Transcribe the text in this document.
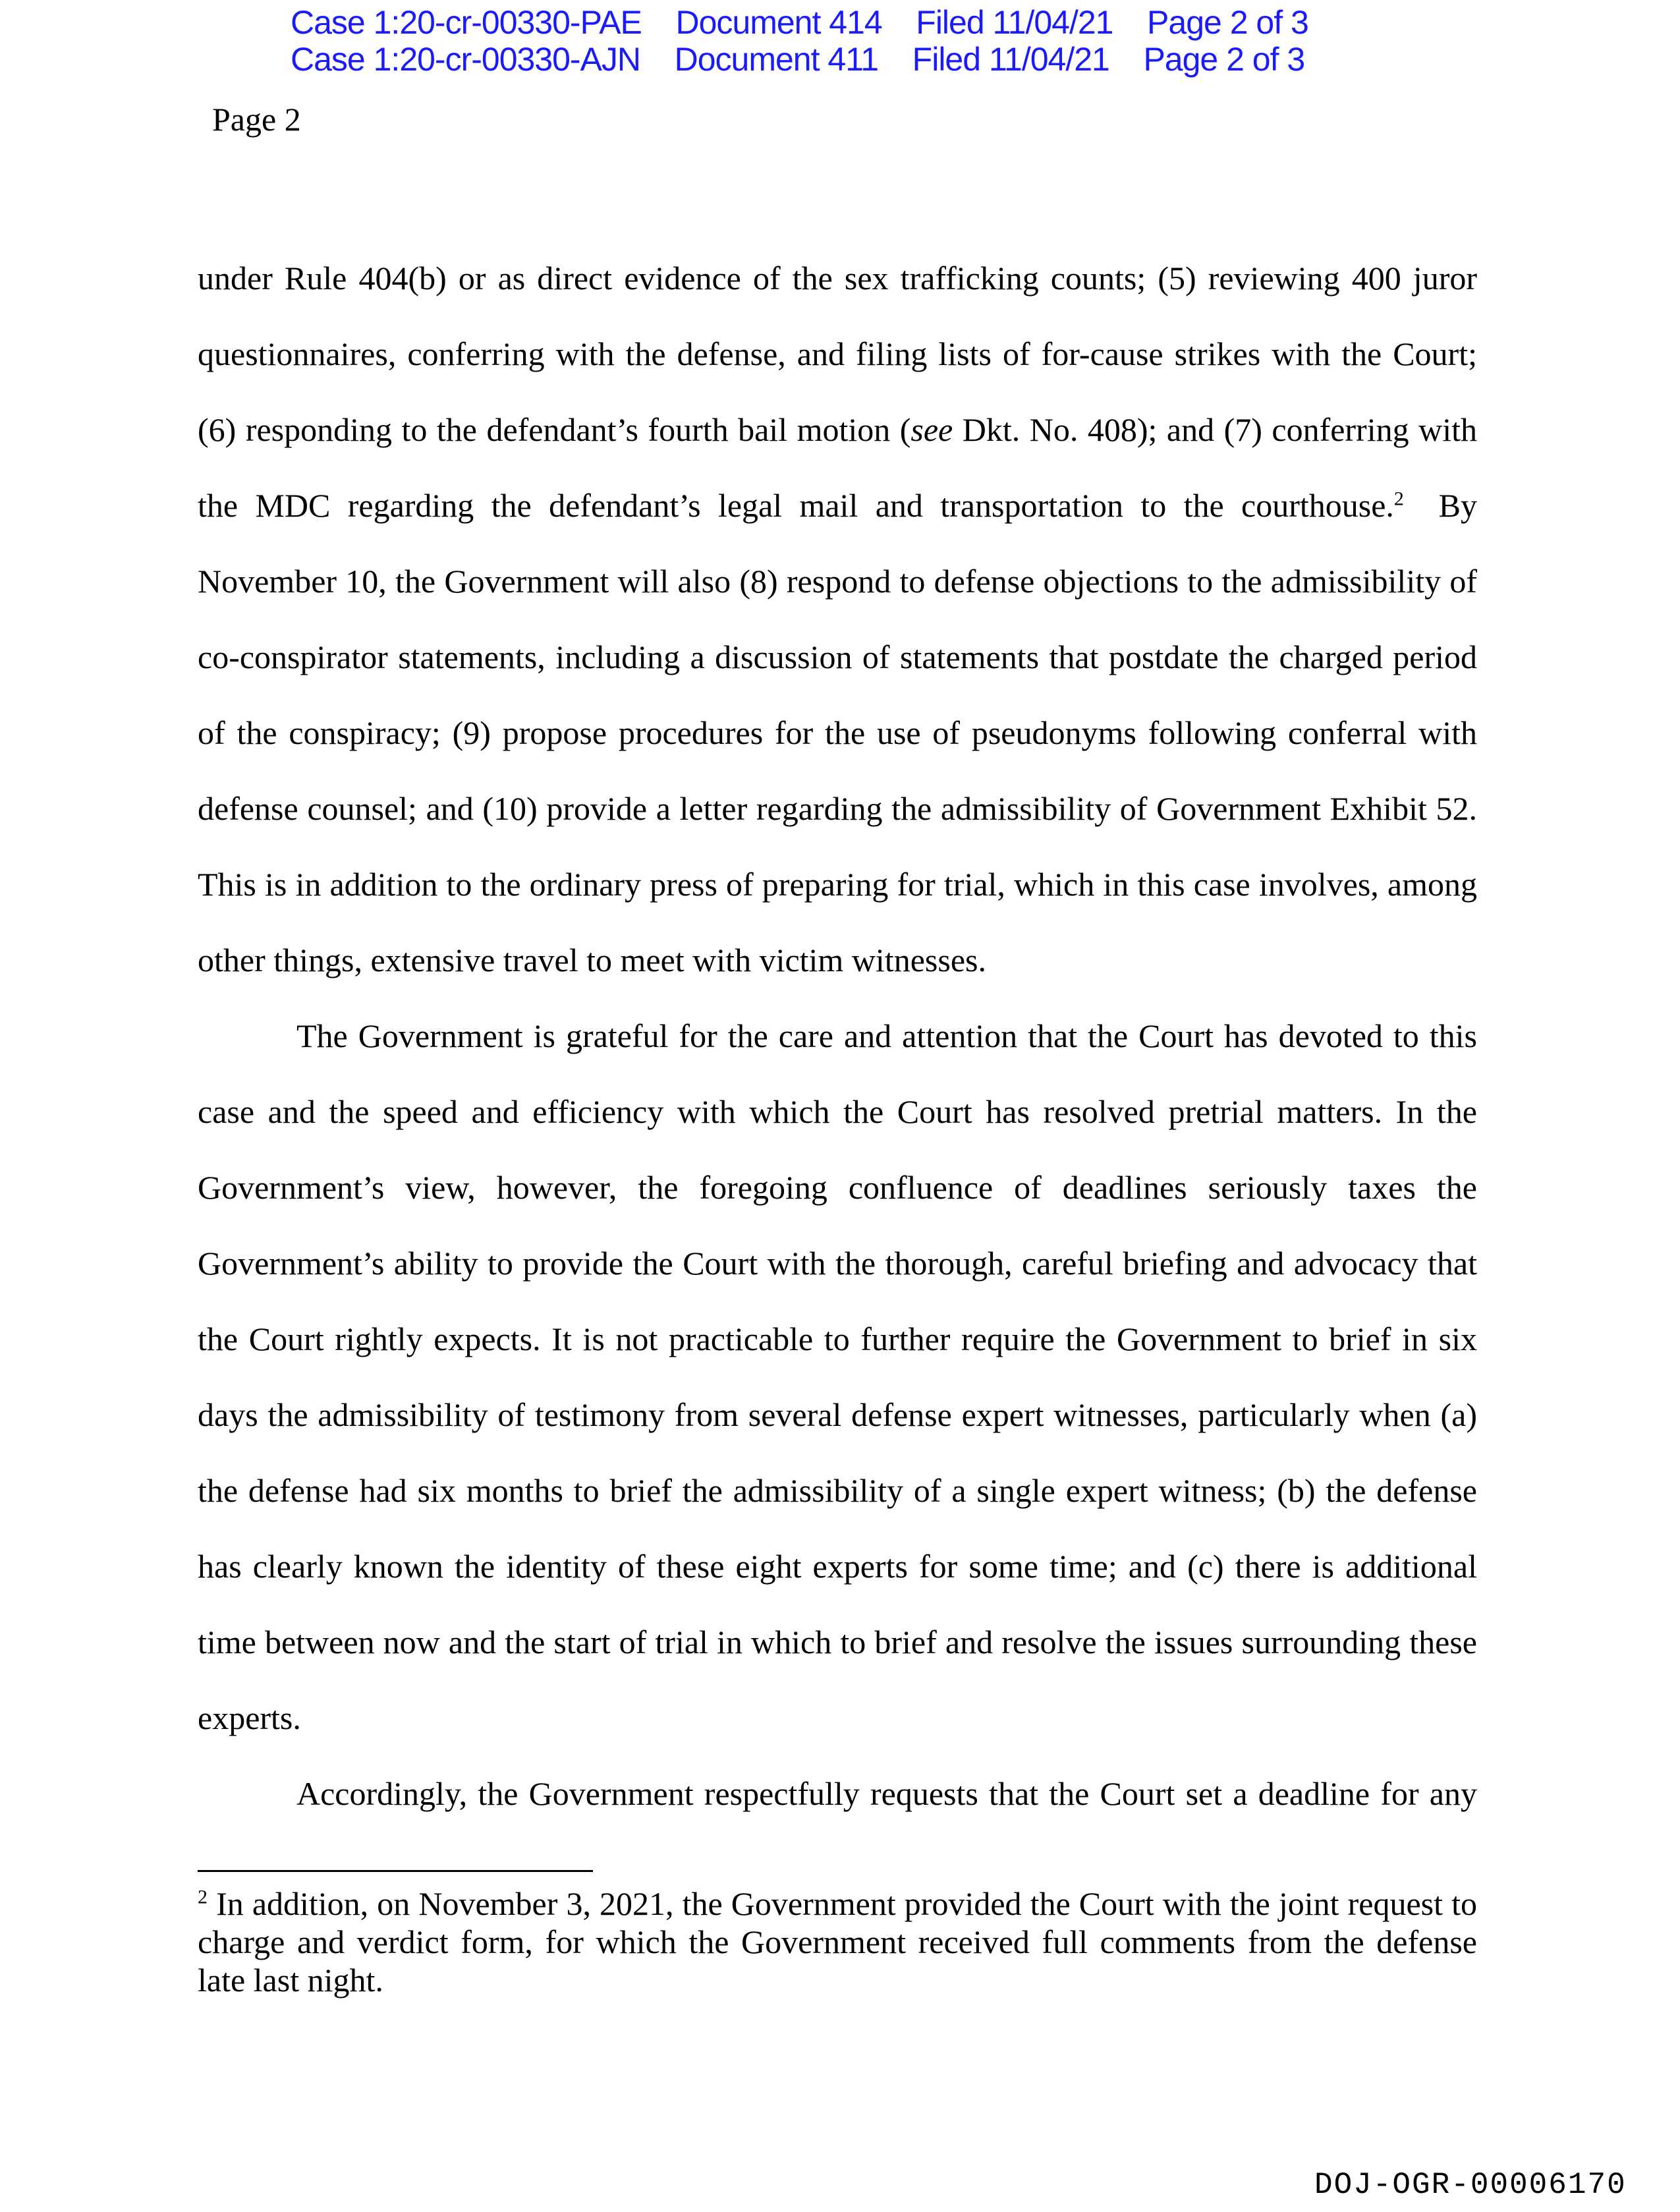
Case 1:20-cr-00330-PAE Document 414 Filed 11/04/21 Page 2 of 3
Case 1:20-cr-00330-AJN Document 411 Filed 11/04/21 Page 2 of 3
Page 2

under Rule 404(b) or as direct evidence of the sex trafficking counts; (5) reviewing 400 juror questionnaires, conferring with the defense, and filing lists of for-cause strikes with the Court; (6) responding to the defendant’s fourth bail motion (see Dkt. No. 408); and (7) conferring with the MDC regarding the defendant’s legal mail and transportation to the courthouse.$^2$  By November 10, the Government will also (8) respond to defense objections to the admissibility of co-conspirator statements, including a discussion of statements that postdate the charged period of the conspiracy; (9) propose procedures for the use of pseudonyms following conferral with defense counsel; and (10) provide a letter regarding the admissibility of Government Exhibit 52.  This is in addition to the ordinary press of preparing for trial, which in this case involves, among other things, extensive travel to meet with victim witnesses.

The Government is grateful for the care and attention that the Court has devoted to this case and the speed and efficiency with which the Court has resolved pretrial matters. In the Government’s view, however, the foregoing confluence of deadlines seriously taxes the Government’s ability to provide the Court with the thorough, careful briefing and advocacy that the Court rightly expects. It is not practicable to further require the Government to brief in six days the admissibility of testimony from several defense expert witnesses, particularly when (a) the defense had six months to brief the admissibility of a single expert witness; (b) the defense has clearly known the identity of these eight experts for some time; and (c) there is additional time between now and the start of trial in which to brief and resolve the issues surrounding these experts.

Accordingly, the Government respectfully requests that the Court set a deadline for any

$^2$ In addition, on November 3, 2021, the Government provided the Court with the joint request to charge and verdict form, for which the Government received full comments from the defense late last night.
DOJ-OGR-00006170
